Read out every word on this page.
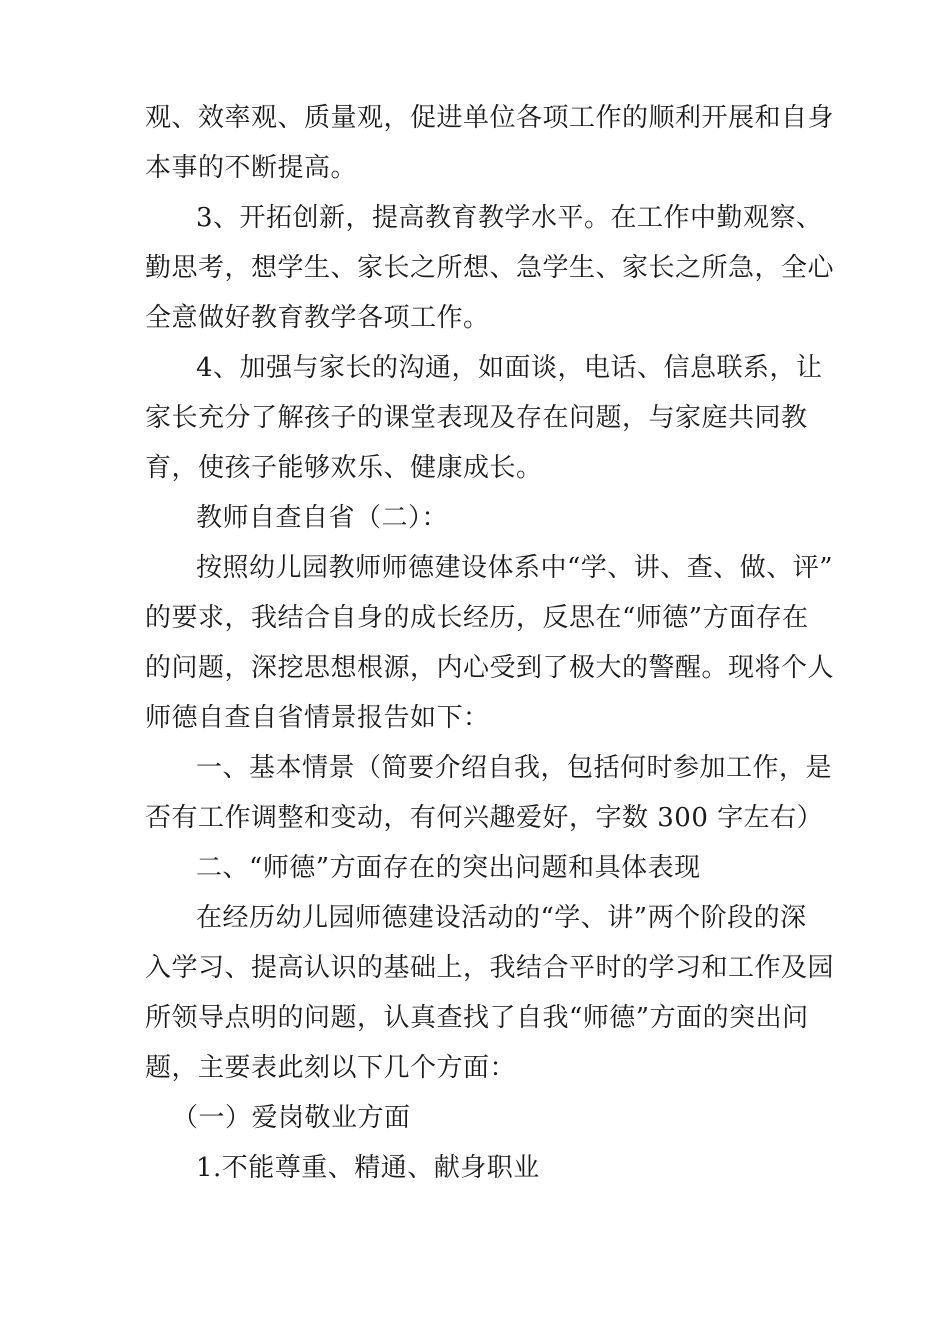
观、效率观、质量观，促进单位各项工作的顺利开展和自身
本事的不断提高。
3、开拓创新，提高教育教学水平。在工作中勤观察、
勤思考，想学生、家长之所想、急学生、家长之所急，全心
全意做好教育教学各项工作。
4、加强与家长的沟通，如面谈，电话、信息联系，让
家长充分了解孩子的课堂表现及存在问题，与家庭共同教
育，使孩子能够欢乐、健康成长。
教师自查自省（二）：
按照幼儿园教师师德建设体系中“学、讲、查、做、评”
的要求，我结合自身的成长经历，反思在“师德”方面存在
的问题，深挖思想根源，内心受到了极大的警醒。现将个人
师德自查自省情景报告如下：
一、基本情景（简要介绍自我，包括何时参加工作，是
否有工作调整和变动，有何兴趣爱好，字数 300 字左右）
二、“师德”方面存在的突出问题和具体表现
在经历幼儿园师德建设活动的“学、讲”两个阶段的深
入学习、提高认识的基础上，我结合平时的学习和工作及园
所领导点明的问题，认真查找了自我“师德”方面的突出问
题，主要表此刻以下几个方面：
（一）爱岗敬业方面
1.不能尊重、精通、献身职业
